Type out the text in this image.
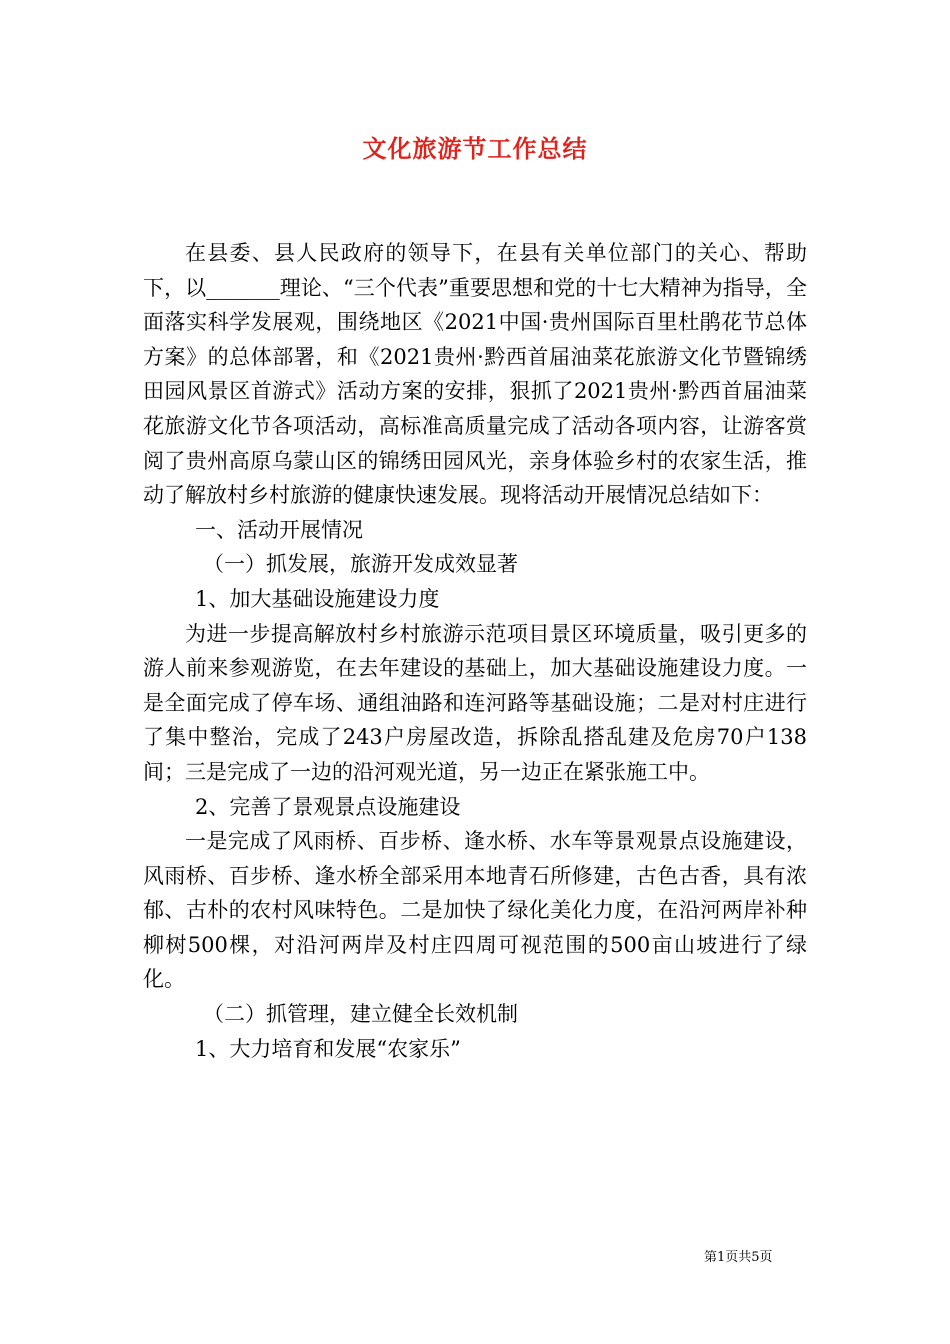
文化旅游节工作总结

在县委、县人民政府的领导下，在县有关单位部门的关心、帮助下，以_______理论、“三个代表”重要思想和党的十七大精神为指导，全面落实科学发展观，围绕地区《2021中国·贵州国际百里杜鹃花节总体方案》的总体部署，和《2021贵州·黔西首届油菜花旅游文化节暨锦绣田园风景区首游式》活动方案的安排，狠抓了2021贵州·黔西首届油菜花旅游文化节各项活动，高标准高质量完成了活动各项内容，让游客赏阅了贵州高原乌蒙山区的锦绣田园风光，亲身体验乡村的农家生活，推动了解放村乡村旅游的健康快速发展。现将活动开展情况总结如下：

一、活动开展情况

（一）抓发展，旅游开发成效显著

1、加大基础设施建设力度

为进一步提高解放村乡村旅游示范项目景区环境质量，吸引更多的游人前来参观游览，在去年建设的基础上，加大基础设施建设力度。一是全面完成了停车场、通组油路和连河路等基础设施；二是对村庄进行了集中整治，完成了243户房屋改造，拆除乱搭乱建及危房70户138间；三是完成了一边的沿河观光道，另一边正在紧张施工中。

2、完善了景观景点设施建设

一是完成了风雨桥、百步桥、逢水桥、水车等景观景点设施建设，风雨桥、百步桥、逢水桥全部采用本地青石所修建，古色古香，具有浓郁、古朴的农村风味特色。二是加快了绿化美化力度，在沿河两岸补种柳树500棵，对沿河两岸及村庄四周可视范围的500亩山坡进行了绿化。

（二）抓管理，建立健全长效机制

1、大力培育和发展“农家乐”

第1页共5页
